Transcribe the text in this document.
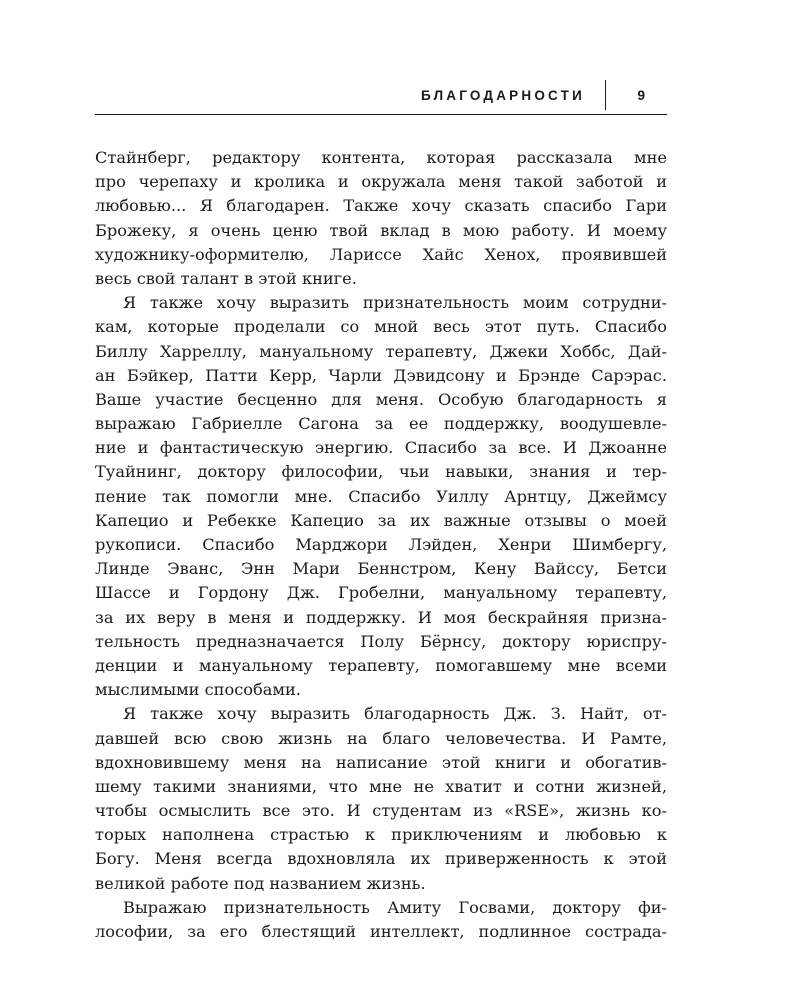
БЛАГОДАРНОСТИ	9
Стайнберг, редактору контента, которая рассказала мне
про черепаху и кролика и окружала меня такой заботой и
любовью... Я благодарен. Также хочу сказать спасибо Гари
Брожеку, я очень ценю твой вклад в мою работу. И моему
художнику-оформителю, Лариссе Хайс Хенох, проявившей
весь свой талант в этой книге.
Я также хочу выразить признательность моим сотрудни-
кам, которые проделали со мной весь этот путь. Спасибо
Биллу Харреллу, мануальному терапевту, Джеки Хоббс, Дай-
ан Бэйкер, Патти Керр, Чарли Дэвидсону и Брэнде Сарэрас.
Ваше участие бесценно для меня. Особую благодарность я
выражаю Габриелле Сагона за ее поддержку, воодушевле-
ние и фантастическую энергию. Спасибо за все. И Джоанне
Туайнинг, доктору философии, чьи навыки, знания и тер-
пение так помогли мне. Спасибо Уиллу Арнтцу, Джеймсу
Капецио и Ребекке Капецио за их важные отзывы о моей
рукописи. Спасибо Марджори Лэйден, Хенри Шимбергу,
Линде Эванс, Энн Мари Беннстром, Кену Вайссу, Бетси
Шассе и Гордону Дж. Гробелни, мануальному терапевту,
за их веру в меня и поддержку. И моя бескрайняя призна-
тельность предназначается Полу Бёрнсу, доктору юриспру-
денции и мануальному терапевту, помогавшему мне всеми
мыслимыми способами.
Я также хочу выразить благодарность Дж. З. Найт, от-
давшей всю свою жизнь на благо человечества. И Рамте,
вдохновившему меня на написание этой книги и обогатив-
шему такими знаниями, что мне не хватит и сотни жизней,
чтобы осмыслить все это. И студентам из «RSE», жизнь ко-
торых наполнена страстью к приключениям и любовью к
Богу. Меня всегда вдохновляла их приверженность к этой
великой работе под названием жизнь.
Выражаю признательность Амиту Госвами, доктору фи-
лософии, за его блестящий интеллект, подлинное сострада-
